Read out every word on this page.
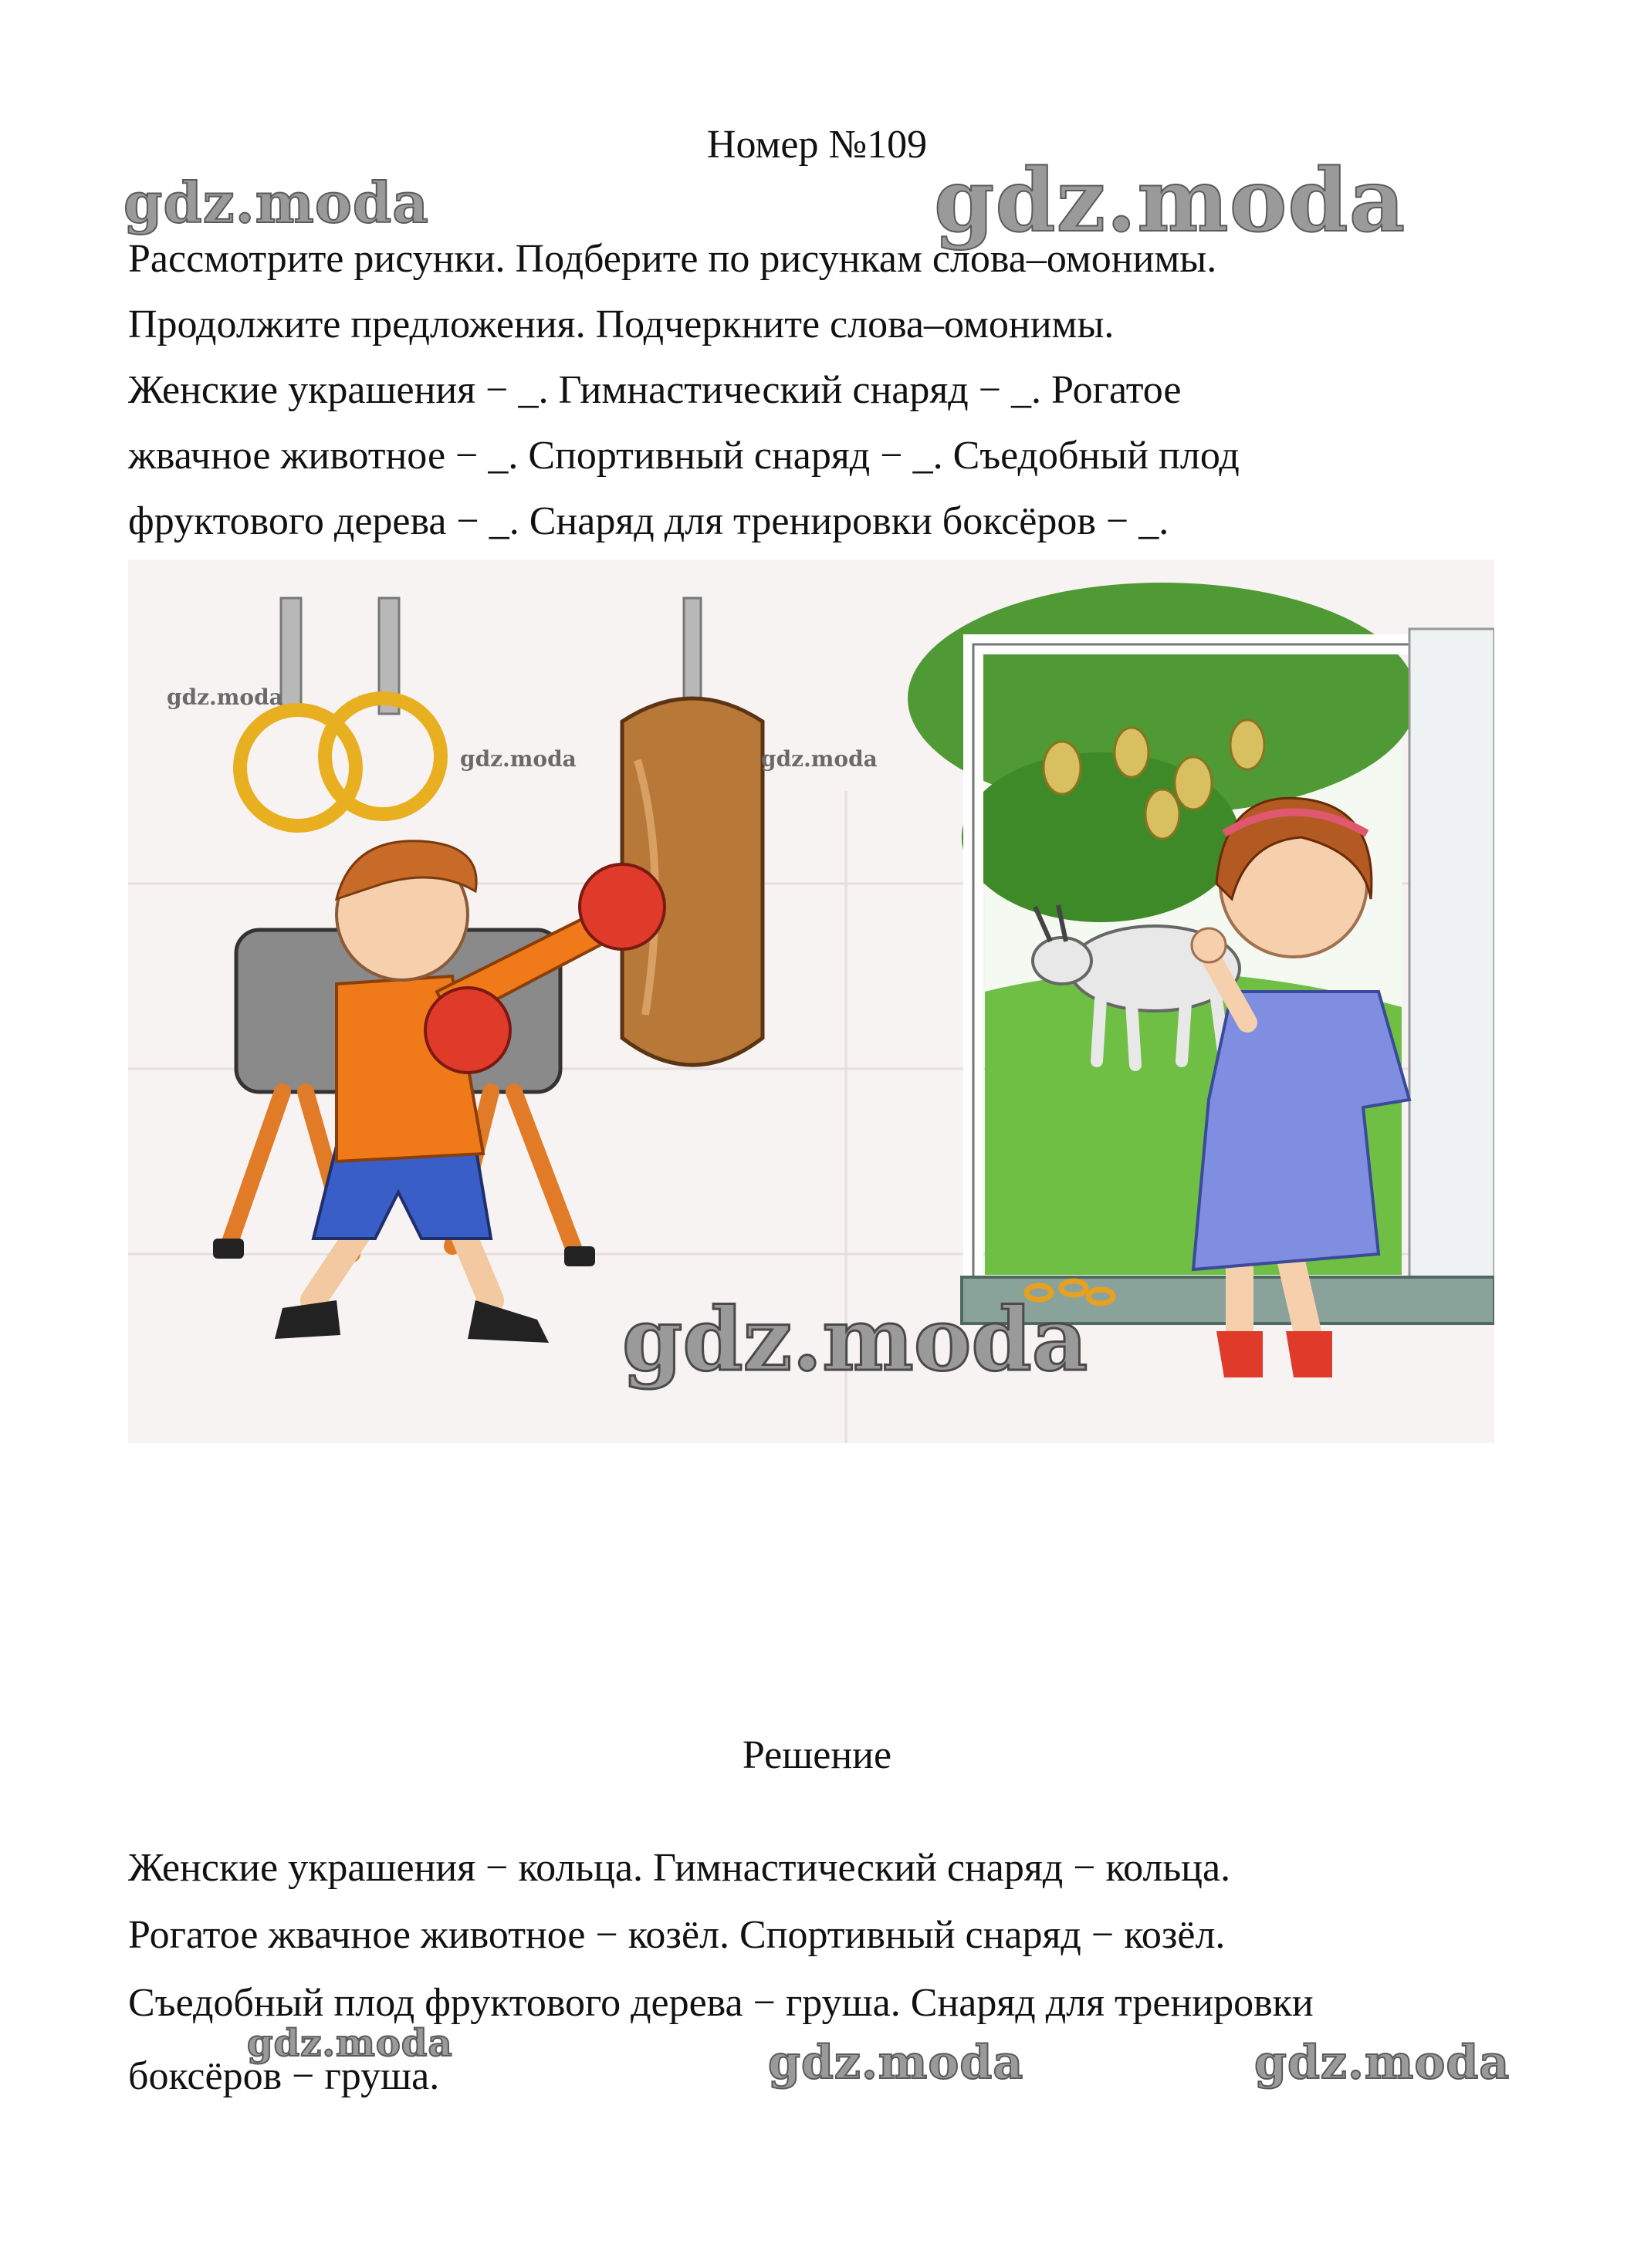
Номер №109
gdz.moda	gdz.moda
Рассмотрите рисунки. Подберите по рисункам слова–омонимы.
Продолжите предложения. Подчеркните слова–омонимы.
Женские украшения − _. Гимнастический снаряд − _. Рогатое
жвачное животное − _. Спортивный снаряд − _. Съедобный плод
фруктового дерева − _. Снаряд для тренировки боксёров − _.
gdz.moda
gdz.moda	gdz.moda
gdz.moda
Решение
Женские украшения − кольца. Гимнастический снаряд − кольца.
Рогатое жвачное животное − козёл. Спортивный снаряд − козёл.
Съедобный плод фруктового дерева − груша. Снаряд для тренировки
боксёров − груша.
gdz.moda	gdz.moda	gdz.moda
